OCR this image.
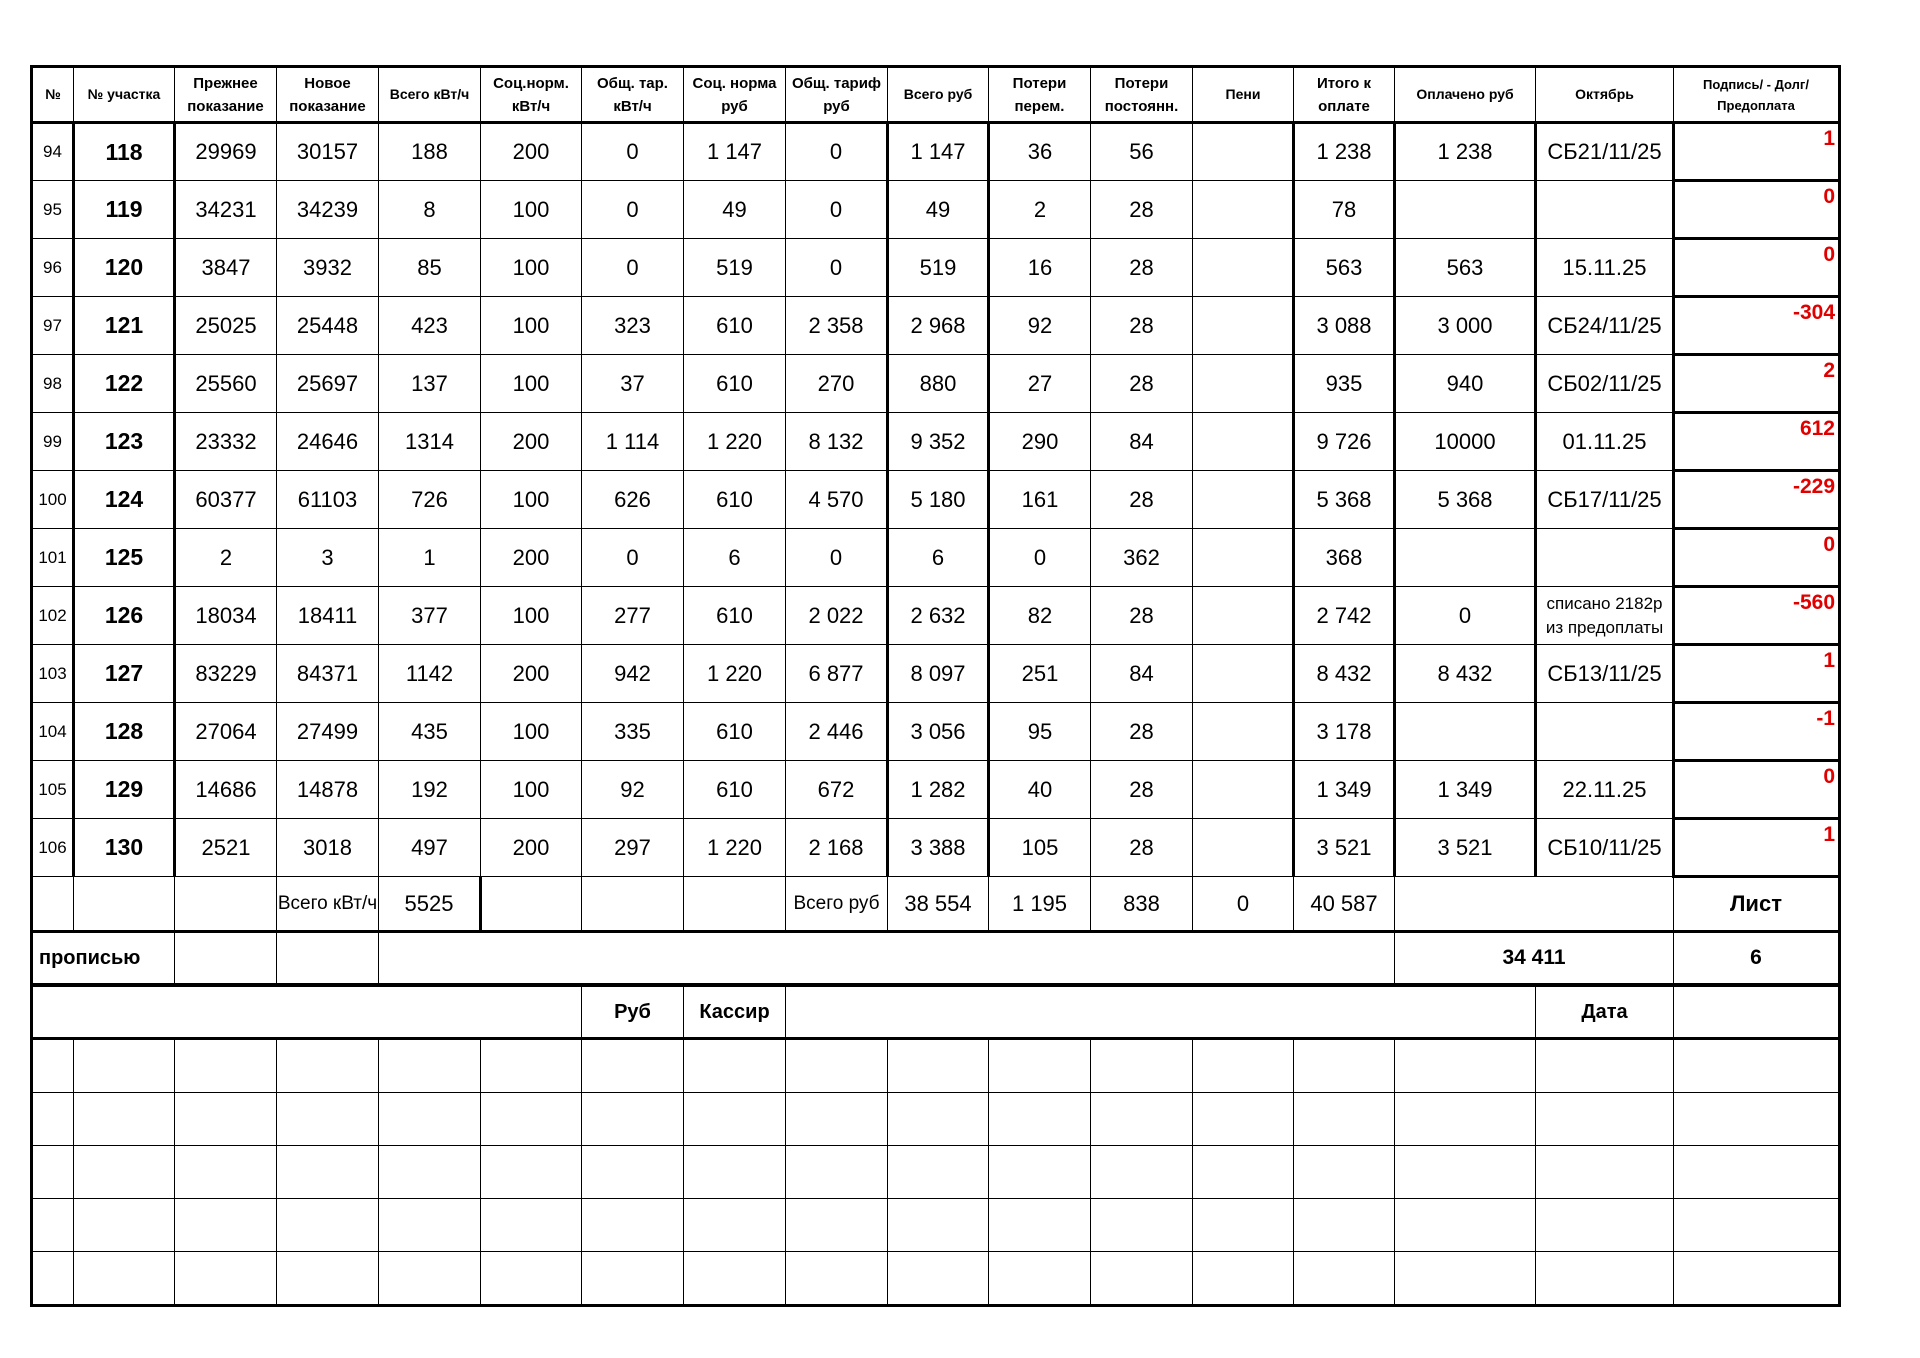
№	№ участка	Прежнее показание	Новое показание	Всего кВт/ч	Соц.норм. кВт/ч	Общ. тар. кВт/ч	Соц. норма руб	Общ. тариф руб	Всего руб	Потери перем.	Потери постоянн.	Пени	Итого к оплате	Оплачено руб	Октябрь	Подпись/ - Долг/Предоплата
94	118	29969	30157	188	200	0	1 147	0	1 147	36	56		1 238	1 238	СБ21/11/25	1
95	119	34231	34239	8	100	0	49	0	49	2	28		78			0
96	120	3847	3932	85	100	0	519	0	519	16	28		563	563	15.11.25	0
97	121	25025	25448	423	100	323	610	2 358	2 968	92	28		3 088	3 000	СБ24/11/25	-304
98	122	25560	25697	137	100	37	610	270	880	27	28		935	940	СБ02/11/25	2
99	123	23332	24646	1314	200	1 114	1 220	8 132	9 352	290	84		9 726	10000	01.11.25	612
100	124	60377	61103	726	100	626	610	4 570	5 180	161	28		5 368	5 368	СБ17/11/25	-229
101	125	2	3	1	200	0	6	0	6	0	362		368			0
102	126	18034	18411	377	100	277	610	2 022	2 632	82	28		2 742	0	списано 2182р из предоплаты	-560
103	127	83229	84371	1142	200	942	1 220	6 877	8 097	251	84		8 432	8 432	СБ13/11/25	1
104	128	27064	27499	435	100	335	610	2 446	3 056	95	28		3 178			-1
105	129	14686	14878	192	100	92	610	672	1 282	40	28		1 349	1 349	22.11.25	0
106	130	2521	3018	497	200	297	1 220	2 168	3 388	105	28		3 521	3 521	СБ10/11/25	1
			Всего кВт/ч	5525				Всего руб	38 554	1 195	838	0	40 587			Лист
прописью														34 411		6
						Руб	Кассир								Дата	
